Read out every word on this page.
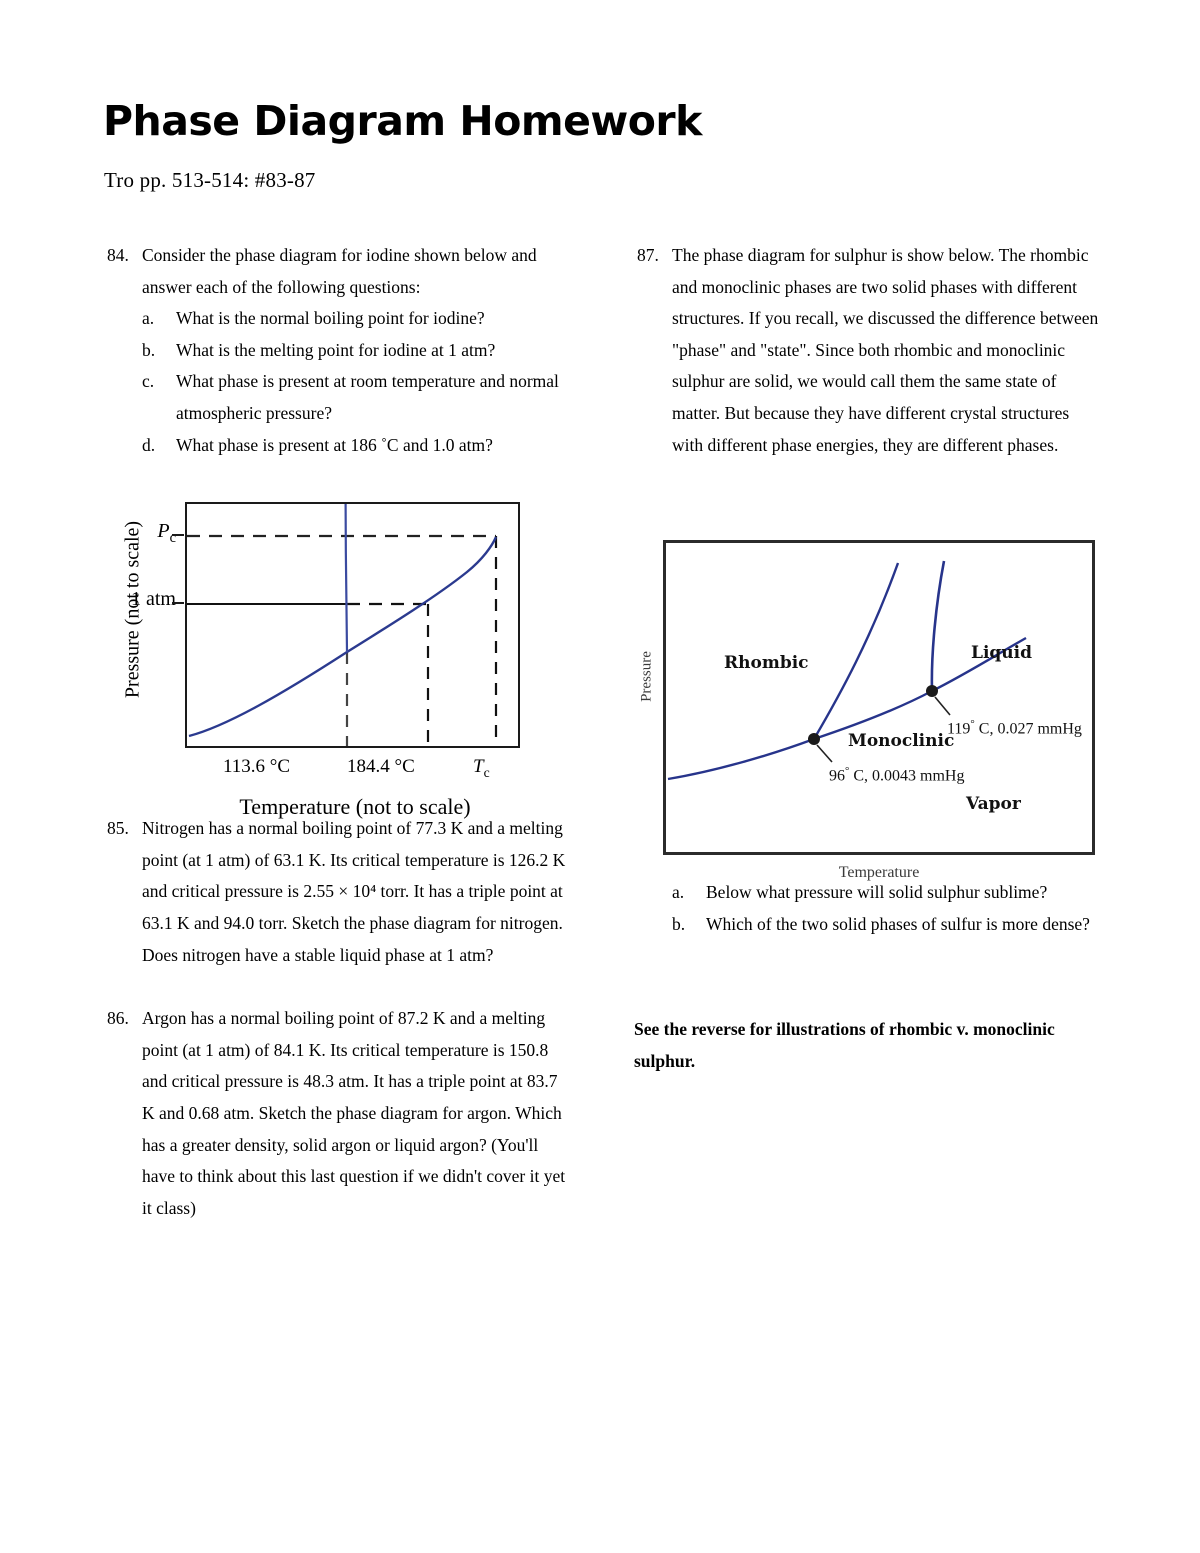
Phase Diagram Homework
Tro pp. 513-514: #83-87
84. Consider the phase diagram for iodine shown below and answer each of the following questions:
a.	What is the normal boiling point for iodine?
b.	What is the melting point for iodine at 1 atm?
c.	What phase is present at room temperature and normal atmospheric pressure?
d.	What phase is present at 186 ˚C and 1.0 atm?
85. Nitrogen has a normal boiling point of 77.3 K and a melting point (at 1 atm) of 63.1 K. Its critical temperature is 126.2 K and critical pressure is 2.55 × 10⁴ torr. It has a triple point at 63.1 K and 94.0 torr. Sketch the phase diagram for nitrogen. Does nitrogen have a stable liquid phase at 1 atm?
86. Argon has a normal boiling point of 87.2 K and a melting point (at 1 atm) of 84.1 K. Its critical temperature is 150.8 and critical pressure is 48.3 atm. It has a triple point at 83.7 K and 0.68 atm. Sketch the phase diagram for argon. Which has a greater density, solid argon or liquid argon? (You'll have to think about this last question if we didn't cover it yet it class)
87. The phase diagram for sulphur is show below. The rhombic and monoclinic phases are two solid phases with different structures. If you recall, we discussed the difference between "phase" and "state". Since both rhombic and monoclinic sulphur are solid, we would call them the same state of matter. But because they have different crystal structures with different phase energies, they are different phases.
a.	Below what pressure will solid sulphur sublime?
b.	Which of the two solid phases of sulfur is more dense?
See the reverse for illustrations of rhombic v. monoclinic sulphur.
Pressure (not to scale) $P_c$
1 atm
113.6 °C	184.4 °C	$T_c$
Temperature (not to scale)
Pressure	Rhombic
Monoclinic
Liquid
Vapor
96° C, 0.0043 mmHg
119° C, 0.027 mmHg
Temperature
